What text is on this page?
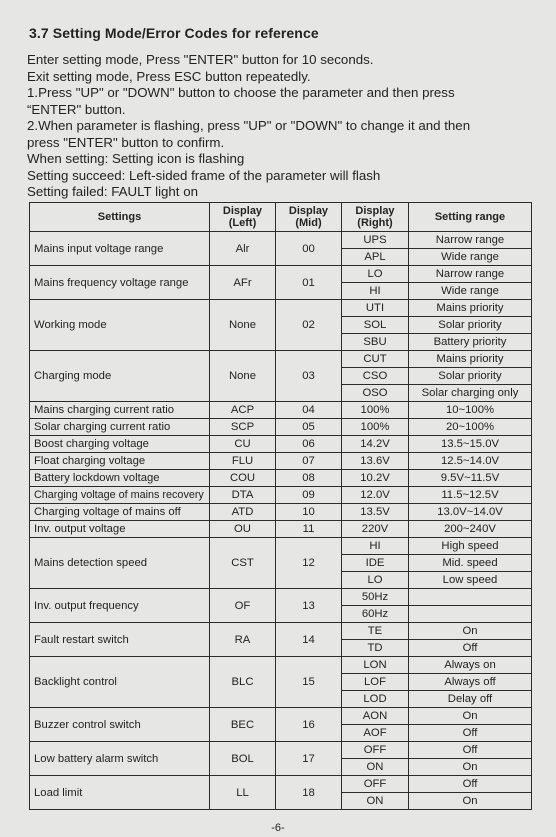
3.7 Setting Mode/Error Codes for reference
Enter setting mode, Press "ENTER" button for 10 seconds.
Exit setting mode, Press ESC button repeatedly.
1.Press "UP" or "DOWN" button to choose the parameter and then press
“ENTER" button.
2.When parameter is flashing, press "UP" or "DOWN" to change it and then
press "ENTER" button to confirm.
When setting: Setting icon is flashing
Setting succeed: Left-sided frame of the parameter will flash
Setting failed: FAULT light on
Settings	Display (Left)	Display (Mid)	Display (Right)	Setting range
Mains input voltage range	Alr	00	UPS	Narrow range
			APL	Wide range
Mains frequency voltage range	AFr	01	LO	Narrow range
			HI	Wide range
Working mode	None	02	UTI	Mains priority
			SOL	Solar priority
			SBU	Battery priority
Charging mode	None	03	CUT	Mains priority
			CSO	Solar priority
			OSO	Solar charging only
Mains charging current ratio	ACP	04	100%	10~100%
Solar charging current ratio	SCP	05	100%	20~100%
Boost charging voltage	CU	06	14.2V	13.5~15.0V
Float charging voltage	FLU	07	13.6V	12.5~14.0V
Battery lockdown voltage	COU	08	10.2V	9.5V~11.5V
Charging voltage of mains recovery	DTA	09	12.0V	11.5~12.5V
Charging voltage of mains off	ATD	10	13.5V	13.0V~14.0V
Inv. output voltage	OU	11	220V	200~240V
Mains detection speed	CST	12	HI	High speed
			IDE	Mid. speed
			LO	Low speed
Inv. output frequency	OF	13	50Hz	
			60Hz	
Fault restart switch	RA	14	TE	On
			TD	Off
Backlight control	BLC	15	LON	Always on
			LOF	Always off
			LOD	Delay off
Buzzer control switch	BEC	16	AON	On
			AOF	Off
Low battery alarm switch	BOL	17	OFF	Off
			ON	On
Load limit	LL	18	OFF	Off
			ON	On
-6-
